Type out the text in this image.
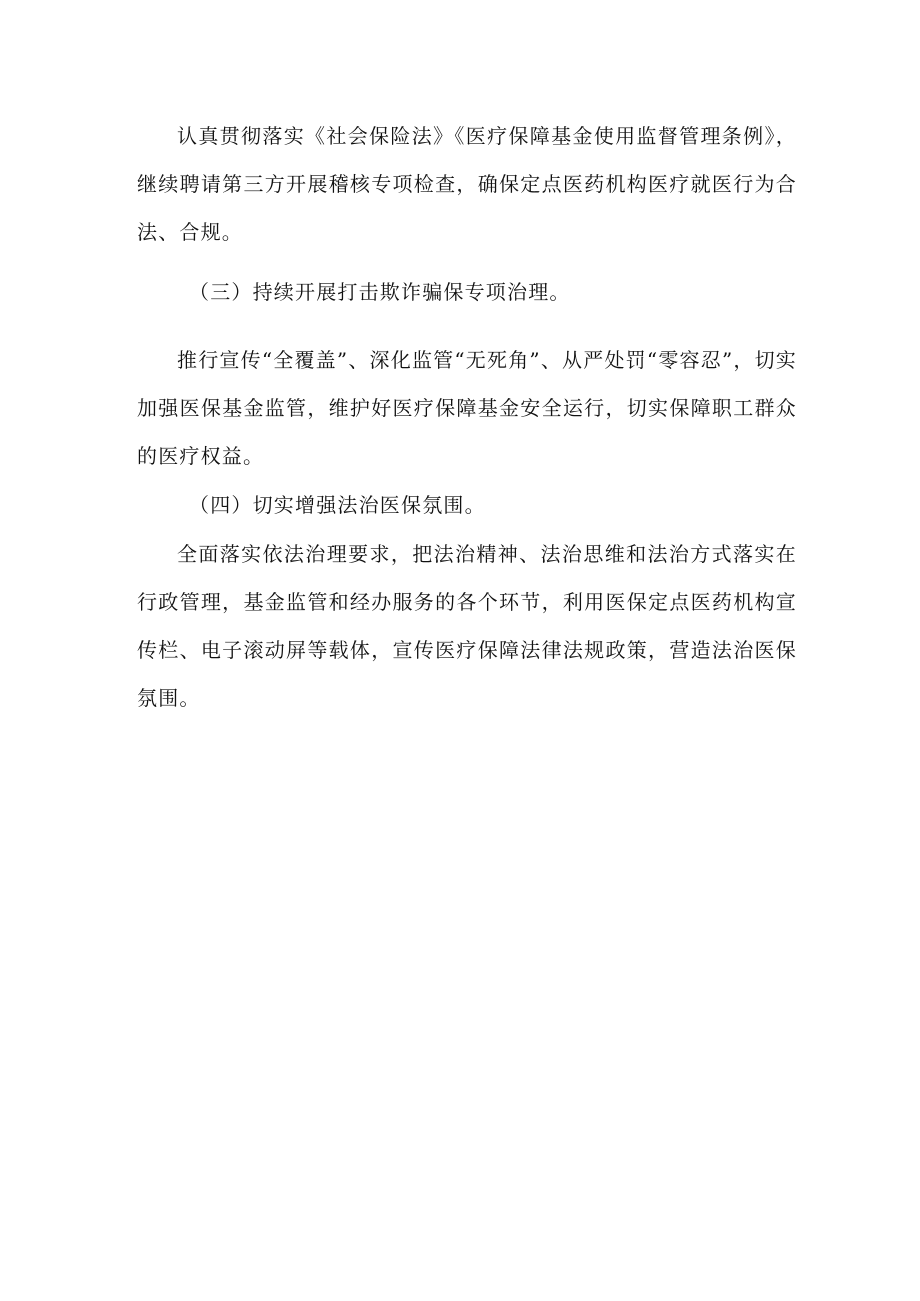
认真贯彻落实《社会保险法》《医疗保障基金使用监督管理条例》，继续聘请第三方开展稽核专项检查，确保定点医药机构医疗就医行为合法、合规。

（三）持续开展打击欺诈骗保专项治理。

推行宣传“全覆盖”、深化监管“无死角”、从严处罚“零容忍”，切实加强医保基金监管，维护好医疗保障基金安全运行，切实保障职工群众的医疗权益。

（四）切实增强法治医保氛围。

全面落实依法治理要求，把法治精神、法治思维和法治方式落实在行政管理，基金监管和经办服务的各个环节，利用医保定点医药机构宣传栏、电子滚动屏等载体，宣传医疗保障法律法规政策，营造法治医保氛围。
